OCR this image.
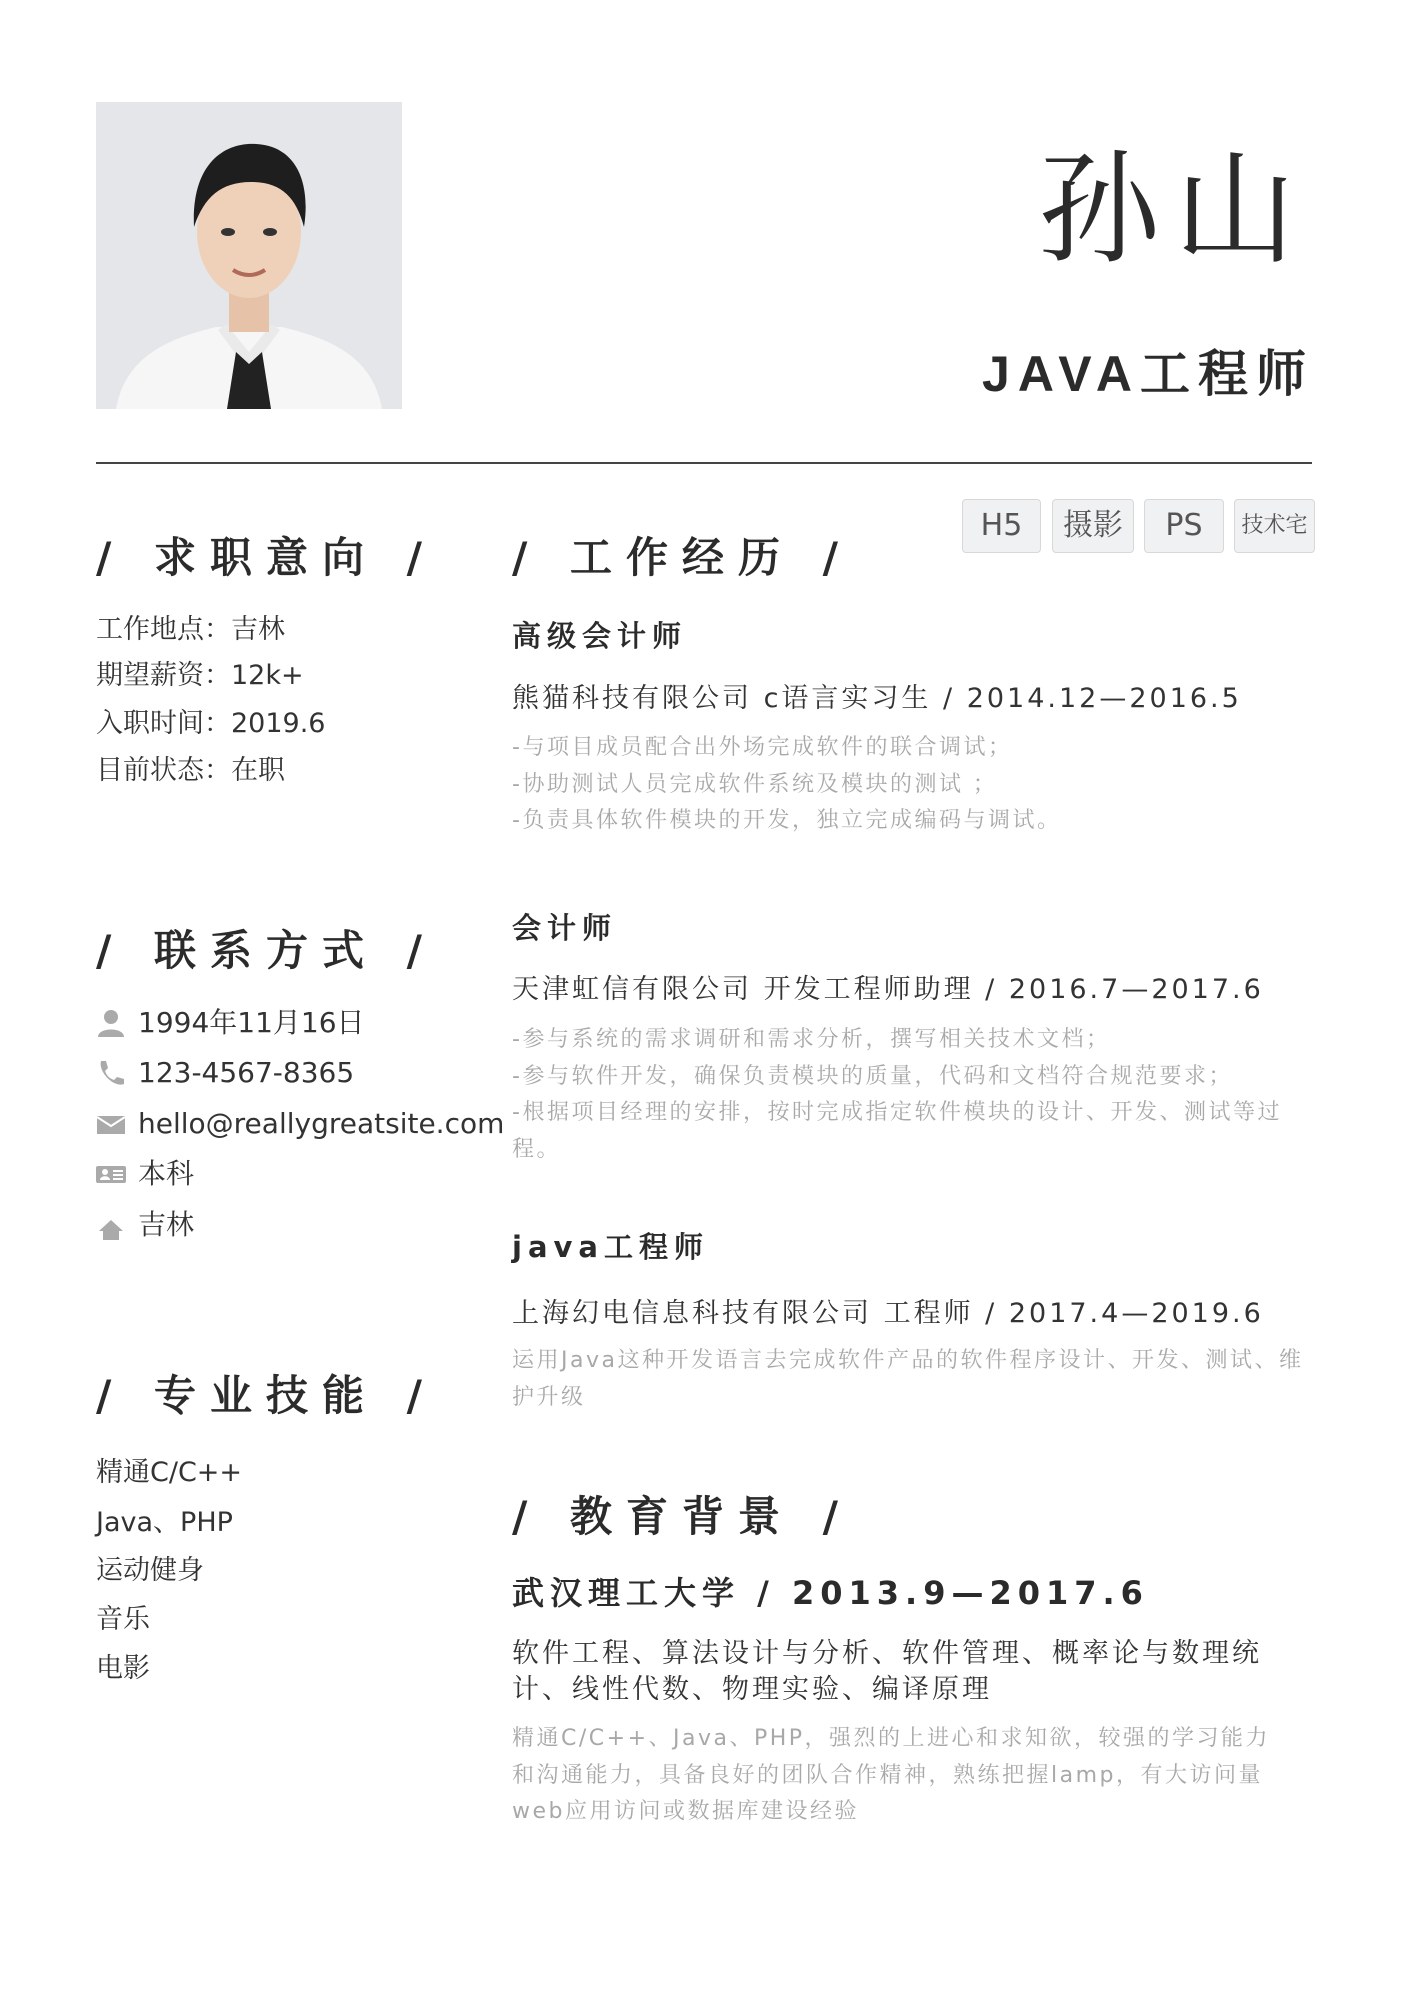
孙山
JAVA工程师
H5	摄影	PS	技术宅
/ 求职意向 /
工作地点：吉林
期望薪资：12k+
入职时间：2019.6
目前状态：在职
/ 联系方式 /
1994年11月16日
123-4567-8365
hello@reallygreatsite.com
本科
吉林
/ 专业技能 /
精通C/C++
Java、PHP
运动健身
音乐
电影
/ 工作经历 /
高级会计师
熊猫科技有限公司 c语言实习生 / 2014.12—2016.5
-与项目成员配合出外场完成软件的联合调试；
-协助测试人员完成软件系统及模块的测试 ；
-负责具体软件模块的开发，独立完成编码与调试。
会计师
天津虹信有限公司 开发工程师助理 / 2016.7—2017.6
-参与系统的需求调研和需求分析，撰写相关技术文档；
-参与软件开发，确保负责模块的质量，代码和文档符合规范要求；
-根据项目经理的安排，按时完成指定软件模块的设计、开发、测试等过程。
java工程师
上海幻电信息科技有限公司 工程师 / 2017.4—2019.6
运用Java这种开发语言去完成软件产品的软件程序设计、开发、测试、维护升级
/ 教育背景 /
武汉理工大学 / 2013.9—2017.6
软件工程、算法设计与分析、软件管理、概率论与数理统计、线性代数、物理实验、编译原理
精通C/C++、Java、PHP，强烈的上进心和求知欲，较强的学习能力和沟通能力，具备良好的团队合作精神，熟练把握lamp，有大访问量web应用访问或数据库建设经验
